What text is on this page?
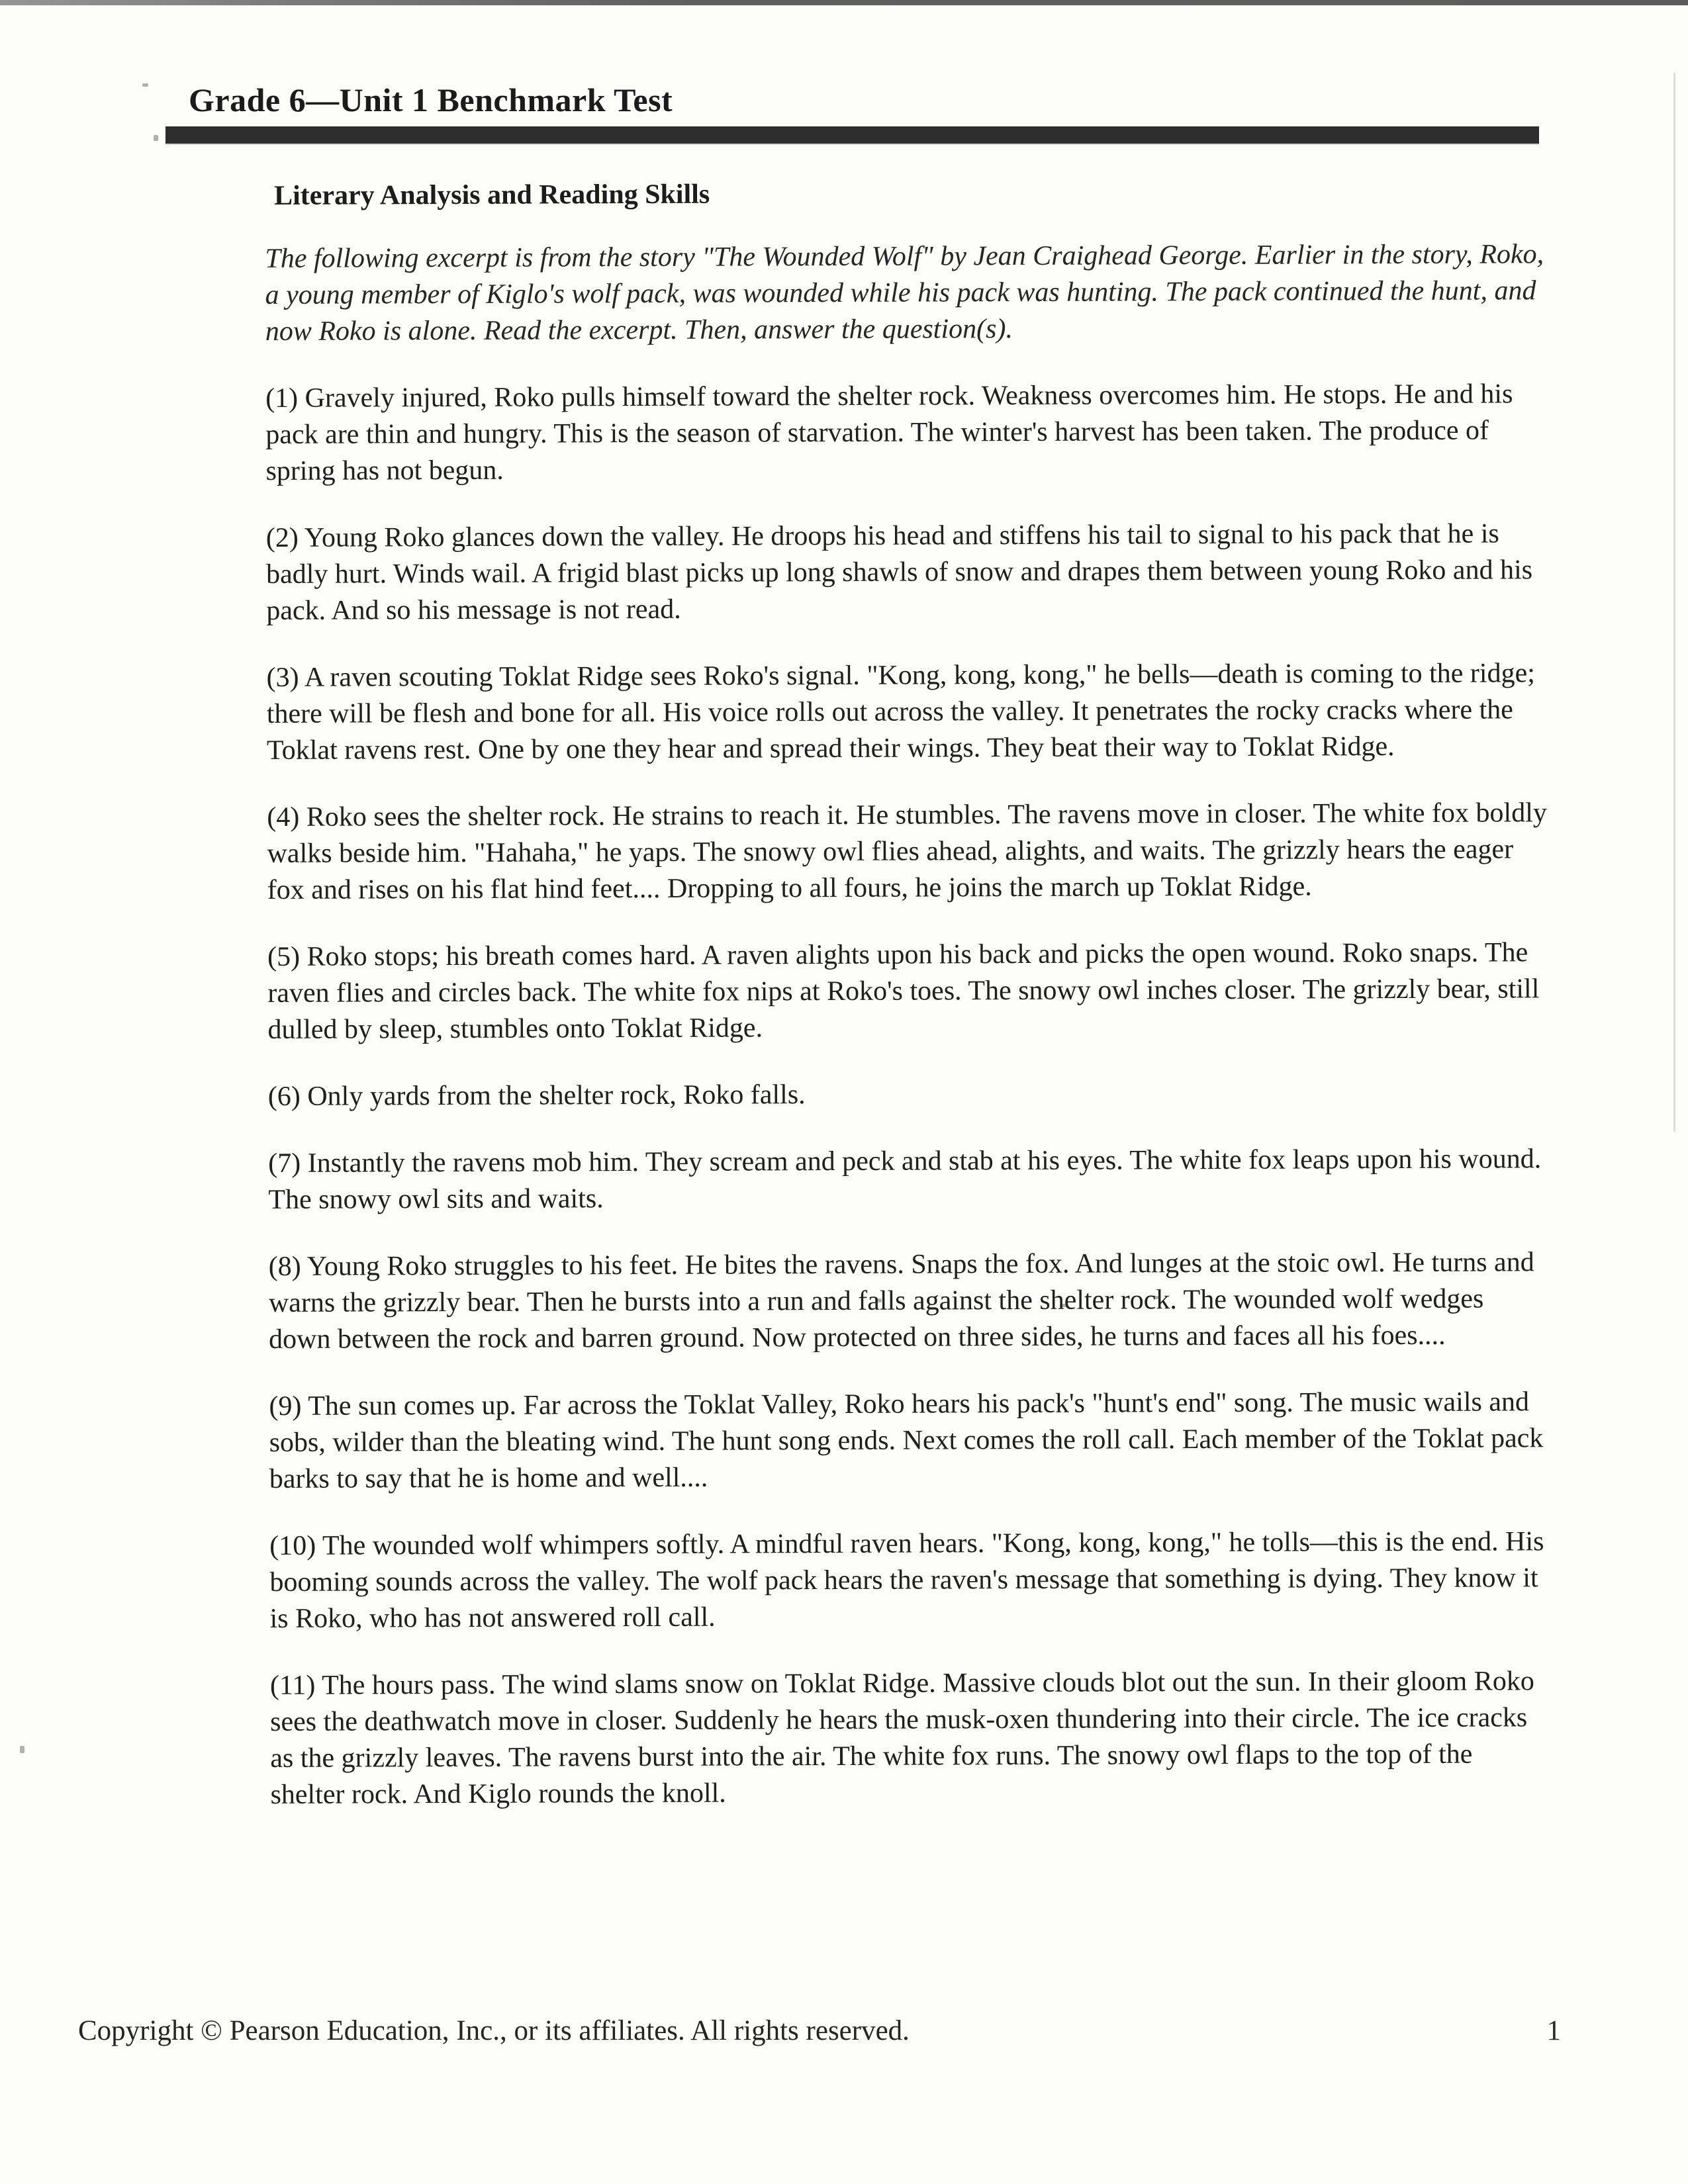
Grade 6—Unit 1 Benchmark Test
Literary Analysis and Reading Skills

The following excerpt is from the story "The Wounded Wolf" by Jean Craighead George. Earlier in the story, Roko, a young member of Kiglo's wolf pack, was wounded while his pack was hunting. The pack continued the hunt, and now Roko is alone. Read the excerpt. Then, answer the question(s).

(1) Gravely injured, Roko pulls himself toward the shelter rock. Weakness overcomes him. He stops. He and his pack are thin and hungry. This is the season of starvation. The winter's harvest has been taken. The produce of spring has not begun.

(2) Young Roko glances down the valley. He droops his head and stiffens his tail to signal to his pack that he is badly hurt. Winds wail. A frigid blast picks up long shawls of snow and drapes them between young Roko and his pack. And so his message is not read.

(3) A raven scouting Toklat Ridge sees Roko's signal. "Kong, kong, kong," he bells—death is coming to the ridge; there will be flesh and bone for all. His voice rolls out across the valley. It penetrates the rocky cracks where the Toklat ravens rest. One by one they hear and spread their wings. They beat their way to Toklat Ridge.

(4) Roko sees the shelter rock. He strains to reach it. He stumbles. The ravens move in closer. The white fox boldly walks beside him. "Hahaha," he yaps. The snowy owl flies ahead, alights, and waits. The grizzly hears the eager fox and rises on his flat hind feet.... Dropping to all fours, he joins the march up Toklat Ridge.

(5) Roko stops; his breath comes hard. A raven alights upon his back and picks the open wound. Roko snaps. The raven flies and circles back. The white fox nips at Roko's toes. The snowy owl inches closer. The grizzly bear, still dulled by sleep, stumbles onto Toklat Ridge.

(6) Only yards from the shelter rock, Roko falls.

(7) Instantly the ravens mob him. They scream and peck and stab at his eyes. The white fox leaps upon his wound. The snowy owl sits and waits.

(8) Young Roko struggles to his feet. He bites the ravens. Snaps the fox. And lunges at the stoic owl. He turns and warns the grizzly bear. Then he bursts into a run and falls against the shelter rock. The wounded wolf wedges down between the rock and barren ground. Now protected on three sides, he turns and faces all his foes....

(9) The sun comes up. Far across the Toklat Valley, Roko hears his pack's "hunt's end" song. The music wails and sobs, wilder than the bleating wind. The hunt song ends. Next comes the roll call. Each member of the Toklat pack barks to say that he is home and well....

(10) The wounded wolf whimpers softly. A mindful raven hears. "Kong, kong, kong," he tolls—this is the end. His booming sounds across the valley. The wolf pack hears the raven's message that something is dying. They know it is Roko, who has not answered roll call.

(11) The hours pass. The wind slams snow on Toklat Ridge. Massive clouds blot out the sun. In their gloom Roko sees the deathwatch move in closer. Suddenly he hears the musk-oxen thundering into their circle. The ice cracks as the grizzly leaves. The ravens burst into the air. The white fox runs. The snowy owl flaps to the top of the shelter rock. And Kiglo rounds the knoll.

Copyright © Pearson Education, Inc., or its affiliates. All rights reserved.	1
